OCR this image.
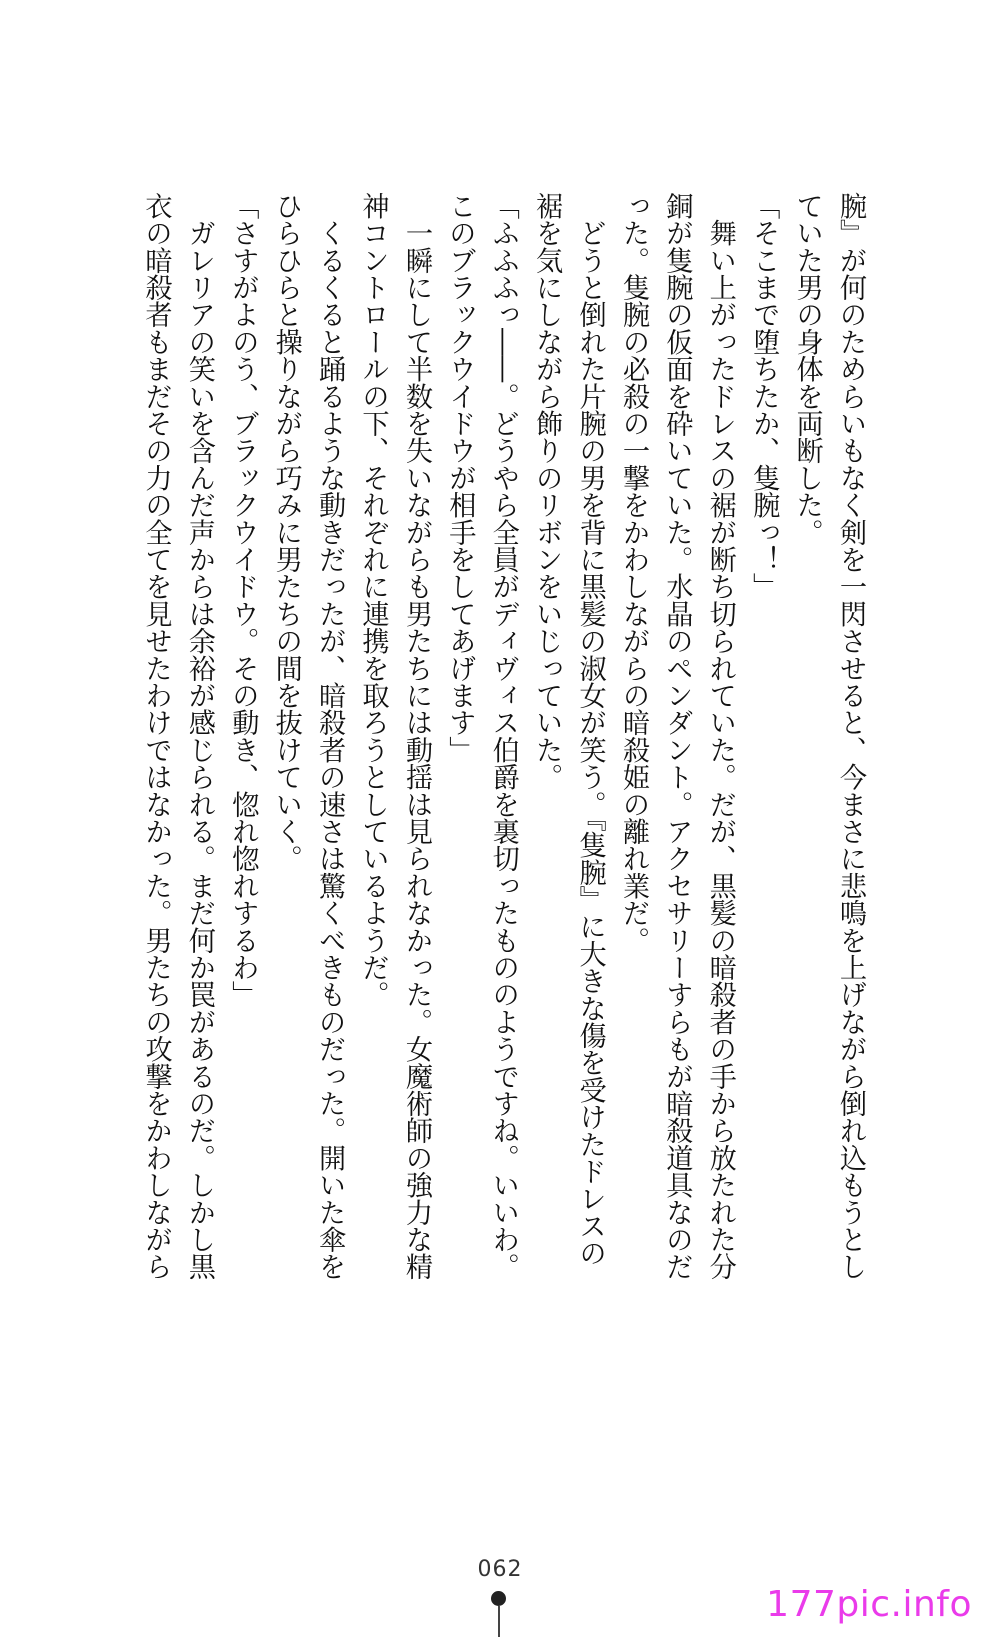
腕』が何のためらいもなく剣を一閃させると、今まさに悲鳴を上げながら倒れ込もうとし

ていた男の身体を両断した。

「そこまで堕ちたか、隻腕っ！」

　舞い上がったドレスの裾が断ち切られていた。だが、黒髪の暗殺者の手から放たれた分

銅が隻腕の仮面を砕いていた。水晶のペンダント。アクセサリーすらもが暗殺道具なのだ

った。隻腕の必殺の一撃をかわしながらの暗殺姫の離れ業だ。

　どうと倒れた片腕の男を背に黒髪の淑女が笑う。『隻腕』に大きな傷を受けたドレスの

裾を気にしながら飾りのリボンをいじっていた。

「ふふふっ――。どうやら全員がディヴィス伯爵を裏切ったもののようですね。いいわ。

このブラックウイドウが相手をしてあげます」

　一瞬にして半数を失いながらも男たちには動揺は見られなかった。女魔術師の強力な精

神コントロールの下、それぞれに連携を取ろうとしているようだ。

　くるくると踊るような動きだったが、暗殺者の速さは驚くべきものだった。開いた傘を

ひらひらと操りながら巧みに男たちの間を抜けていく。

「さすがよのう、ブラックウイドウ。その動き、惚れ惚れするわ」

　ガレリアの笑いを含んだ声からは余裕が感じられる。まだ何か罠があるのだ。しかし黒

衣の暗殺者もまだその力の全てを見せたわけではなかった。男たちの攻撃をかわしながら

062
177pic.info
